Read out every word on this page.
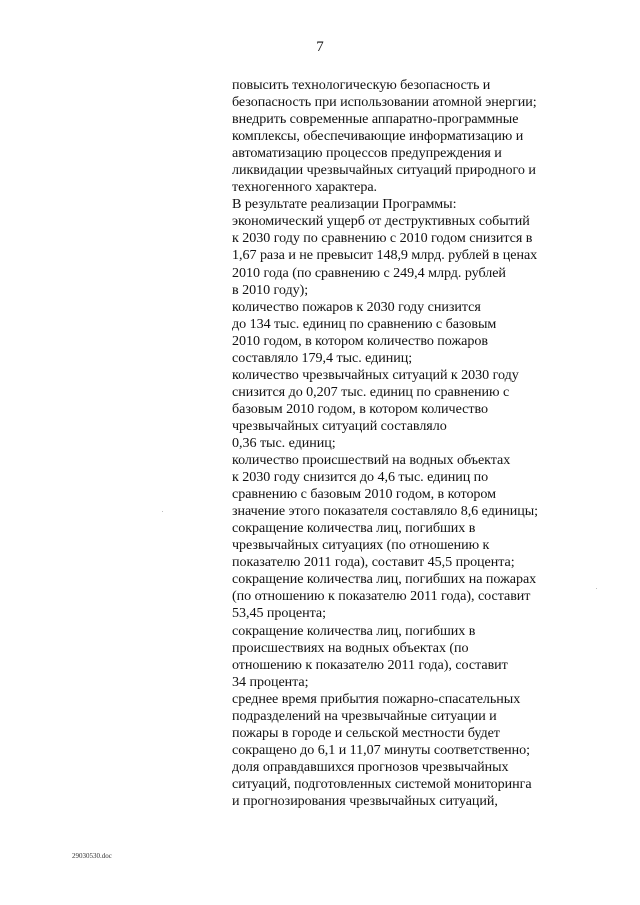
7
повысить технологическую безопасность и
безопасность при использовании атомной энергии;
внедрить современные аппаратно-программные
комплексы, обеспечивающие информатизацию и
автоматизацию процессов предупреждения и
ликвидации чрезвычайных ситуаций природного и
техногенного характера.
В результате реализации Программы:
экономический ущерб от деструктивных событий
к 2030 году по сравнению с 2010 годом снизится в
1,67 раза и не превысит 148,9 млрд. рублей в ценах
2010 года (по сравнению с 249,4 млрд. рублей
в 2010 году);
количество пожаров к 2030 году снизится
до 134 тыс. единиц по сравнению с базовым
2010 годом, в котором количество пожаров
составляло 179,4 тыс. единиц;
количество чрезвычайных ситуаций к 2030 году
снизится до 0,207 тыс. единиц по сравнению с
базовым 2010 годом, в котором количество
чрезвычайных ситуаций составляло
0,36 тыс. единиц;
количество происшествий на водных объектах
к 2030 году снизится до 4,6 тыс. единиц по
сравнению с базовым 2010 годом, в котором
значение этого показателя составляло 8,6 единицы;
сокращение количества лиц, погибших в
чрезвычайных ситуациях (по отношению к
показателю 2011 года), составит 45,5 процента;
сокращение количества лиц, погибших на пожарах
(по отношению к показателю 2011 года), составит
53,45 процента;
сокращение количества лиц, погибших в
происшествиях на водных объектах (по
отношению к показателю 2011 года), составит
34 процента;
среднее время прибытия пожарно-спасательных
подразделений на чрезвычайные ситуации и
пожары в городе и сельской местности будет
сокращено до 6,1 и 11,07 минуты соответственно;
доля оправдавшихся прогнозов чрезвычайных
ситуаций, подготовленных системой мониторинга
и прогнозирования чрезвычайных ситуаций,
29030530.doc
